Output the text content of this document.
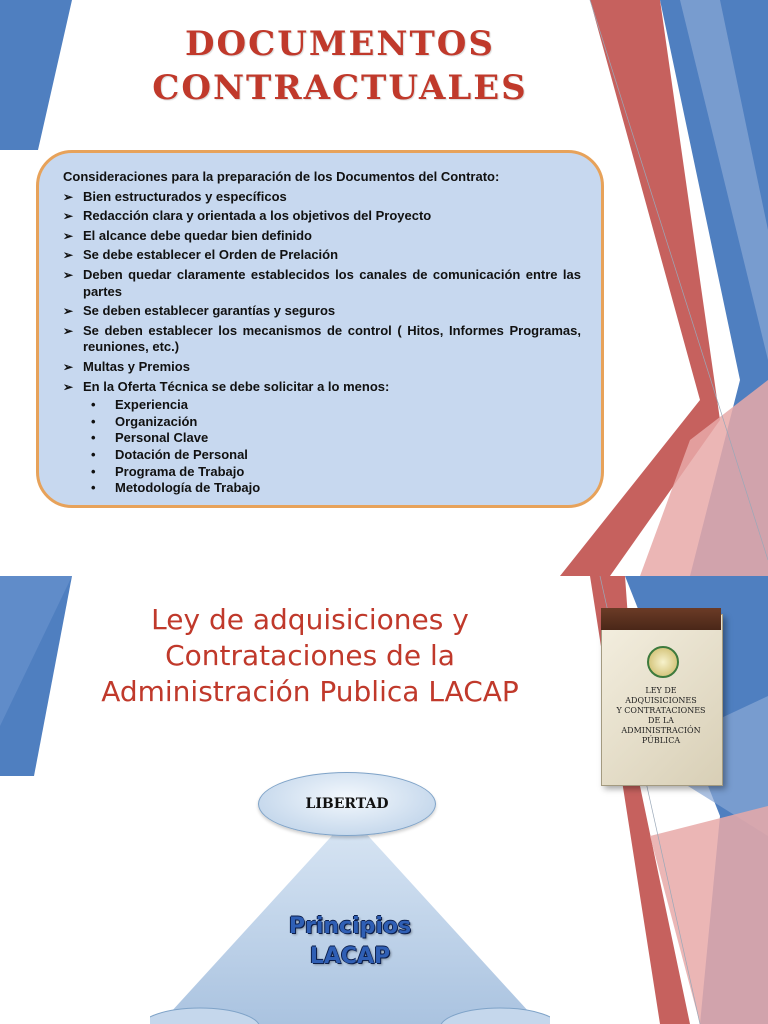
DOCUMENTOS
CONTRACTUALES
Consideraciones para la preparación de los Documentos del Contrato:
➢ Bien estructurados y específicos
➢ Redacción clara y orientada a los objetivos del Proyecto
➢ El alcance debe quedar bien definido
➢ Se debe establecer el Orden de Prelación
➢ Deben quedar claramente establecidos los canales de comunicación entre las partes
➢ Se deben establecer garantías y seguros
➢ Se deben establecer los mecanismos de control ( Hitos, Informes Programas, reuniones, etc.)
➢ Multas y Premios
➢ En la Oferta Técnica se debe solicitar a lo menos:
• Experiencia
• Organización
• Personal Clave
• Dotación de Personal
• Programa de Trabajo
• Metodología de Trabajo
Ley de adquisiciones y
Contrataciones de la
Administración Publica LACAP	LEY DE
ADQUISICIONES
Y CONTRATACIONES
DE LA
ADMINISTRACIÓN
PÚBLICA
LIBERTAD
Principios
LACAP
